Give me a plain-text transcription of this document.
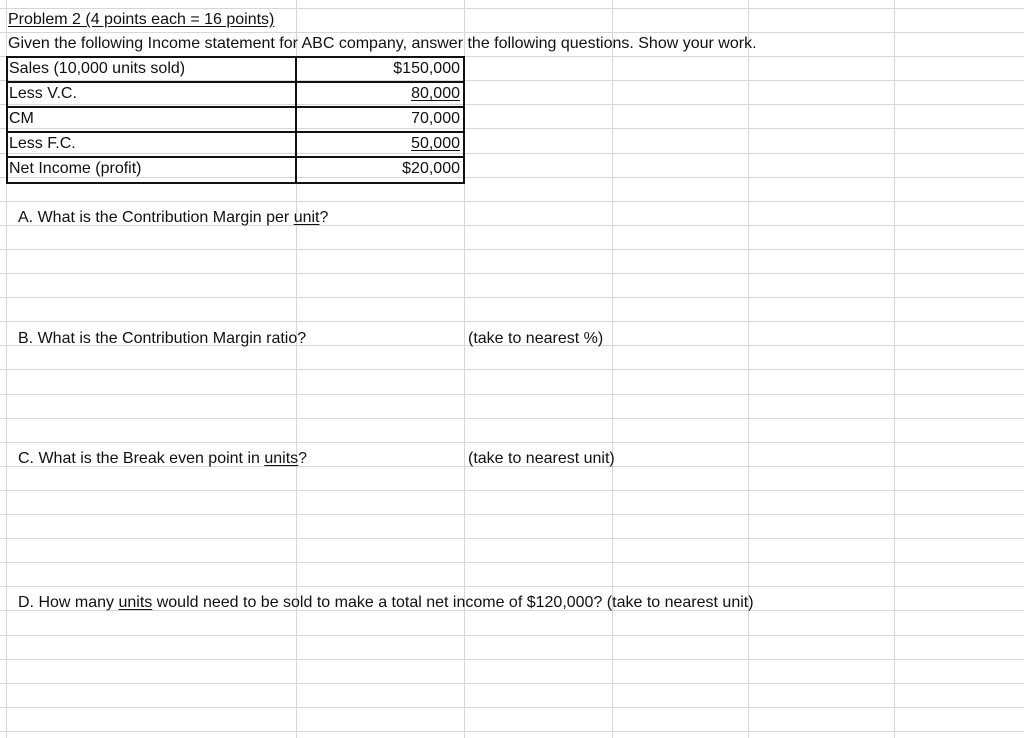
Problem 2 (4 points each = 16 points)
Given the following Income statement for ABC company, answer the following questions. Show your work.
Sales (10,000 units sold)	$150,000
Less V.C.	80,000
CM	70,000
Less F.C.	50,000
Net Income (profit)	$20,000
A. What is the Contribution Margin per unit?
B. What is the Contribution Margin ratio?	(take to nearest %)
C. What is the Break even point in units?	(take to nearest unit)
D. How many units would need to be sold to make a total net income of $120,000? (take to nearest unit)
